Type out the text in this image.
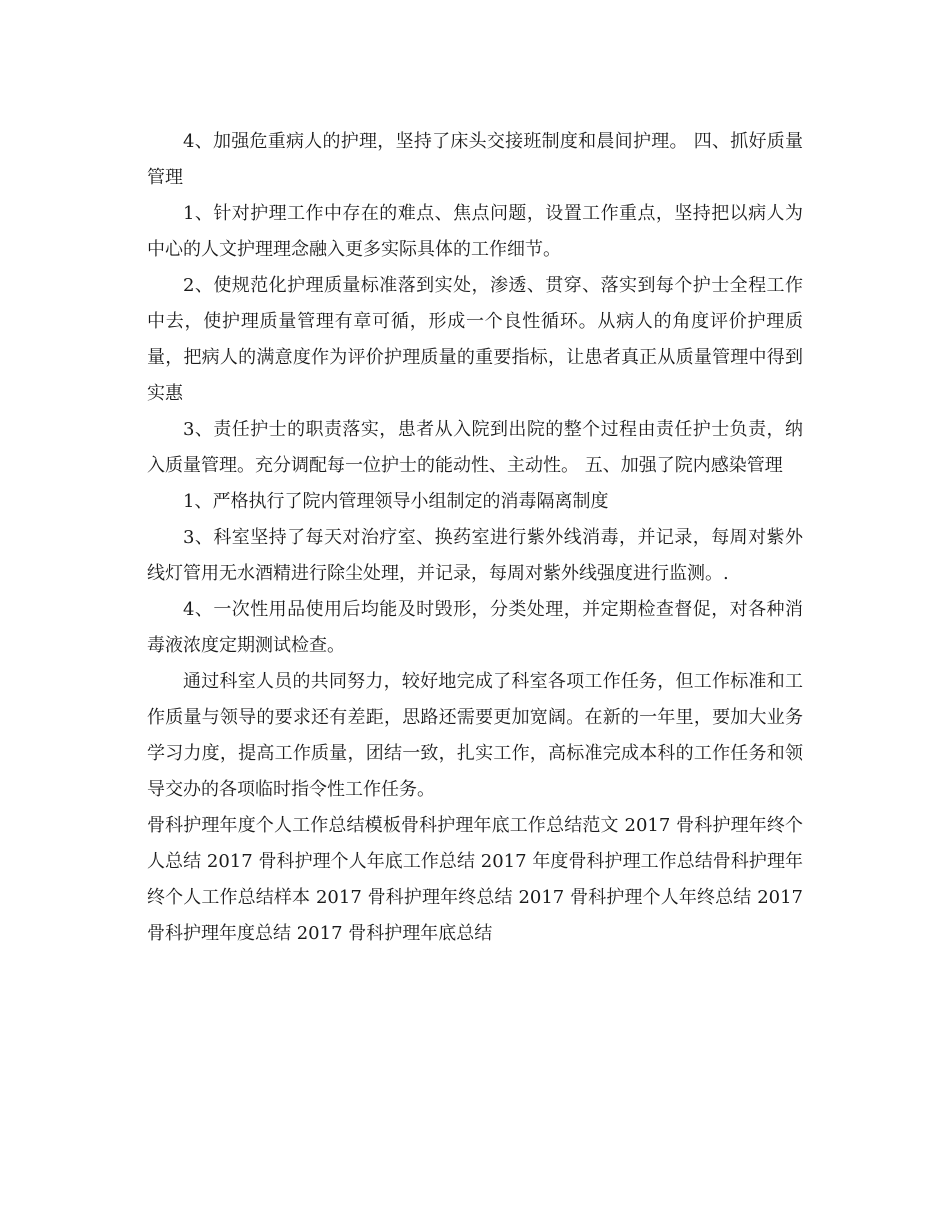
4、加强危重病人的护理，坚持了床头交接班制度和晨间护理。 四、抓好质量管理

1、针对护理工作中存在的难点、焦点问题，设置工作重点，坚持把以病人为中心的人文护理理念融入更多实际具体的工作细节。

2、使规范化护理质量标准落到实处，渗透、贯穿、落实到每个护士全程工作中去，使护理质量管理有章可循，形成一个良性循环。从病人的角度评价护理质量，把病人的满意度作为评价护理质量的重要指标，让患者真正从质量管理中得到实惠

3、责任护士的职责落实，患者从入院到出院的整个过程由责任护士负责，纳入质量管理。充分调配每一位护士的能动性、主动性。 五、加强了院内感染管理

1、严格执行了院内管理领导小组制定的消毒隔离制度

3、科室坚持了每天对治疗室、换药室进行紫外线消毒，并记录，每周对紫外线灯管用无水酒精进行除尘处理，并记录，每周对紫外线强度进行监测。.

4、一次性用品使用后均能及时毁形，分类处理，并定期检查督促，对各种消毒液浓度定期测试检查。

通过科室人员的共同努力，较好地完成了科室各项工作任务，但工作标准和工作质量与领导的要求还有差距，思路还需要更加宽阔。在新的一年里，要加大业务学习力度，提高工作质量，团结一致，扎实工作，高标准完成本科的工作任务和领导交办的各项临时指令性工作任务。

骨科护理年度个人工作总结模板骨科护理年底工作总结范文 2017 骨科护理年终个人总结 2017 骨科护理个人年底工作总结 2017 年度骨科护理工作总结骨科护理年终个人工作总结样本 2017 骨科护理年终总结 2017 骨科护理个人年终总结 2017 骨科护理年度总结 2017 骨科护理年底总结
